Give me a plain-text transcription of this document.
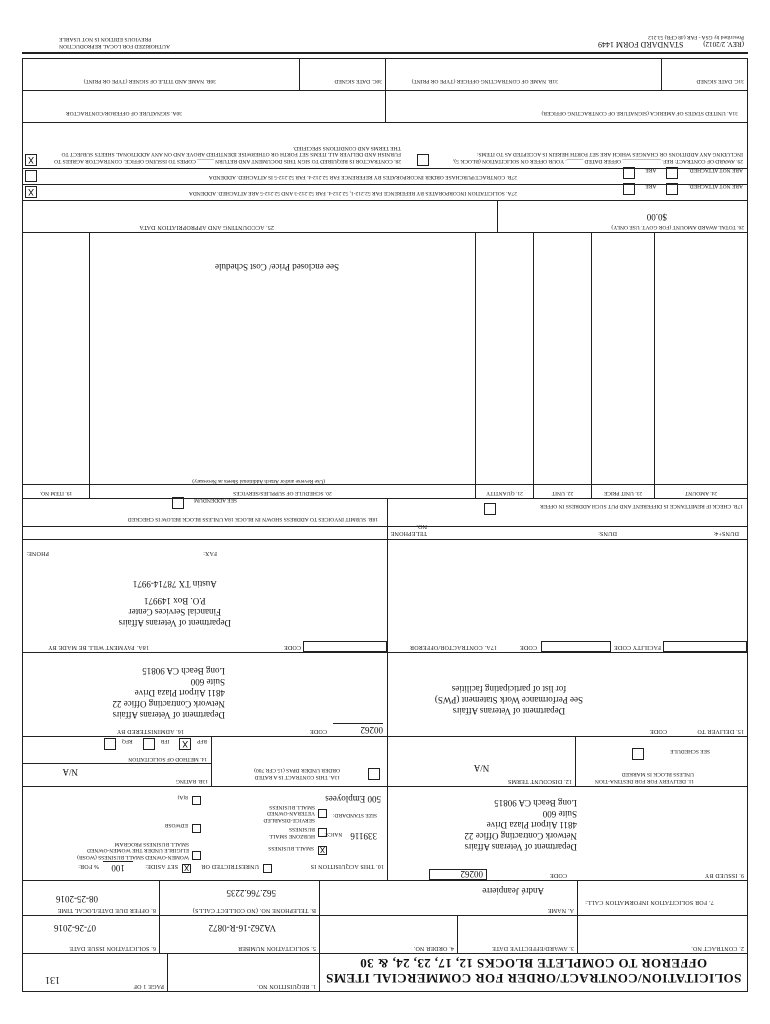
SOLICITATION/CONTRACT/ORDER FOR COMMERCIAL ITEMS
OFFEROR TO COMPLETE BLOCKS 12, 17, 23, 24, & 30
1. REQUISITION NO.
PAGE 1 OF
131
2. CONTRACT NO.
3. AWARD/EFFECTIVE DATE
4. ORDER NO.
5. SOLICITATION NUMBER
VA262-16-R-0872
6. SOLICITATION ISSUE DATE
07-26-2016
7. FOR SOLICITATION INFORMATION CALL:
A. NAME
André Jeanpierre
B. TELEPHONE NO. (NO COLLECT CALLS)
562.766.2235
8. OFFER DUE DATE/LOCAL TIME
08-25-2016
9. ISSUED BY
CODE
00262
Department of Veterans Affairs
Network Contracting Office 22
4811 Airport Plaza Drive
Suite 600
Long Beach CA 90815
10. THIS ACQUISITION IS  UNRESTRICTED OR X SET ASIDE: 100 % FOR:
X SMALL BUSINESS
HUBZONE SMALL BUSINESS
SERVICE-DISABLED VETERAN-OWNED SMALL BUSINESS
WOMEN-OWNED SMALL BUSINESS (WOSB) ELIGIBLE UNDER THE WOMEN-OWNED SMALL BUSINESS PROGRAM
EDWOSB
8(A)
339116 NAICS:
SIZE STANDARD:
500 Employees
11. DELIVERY FOR FOB DESTINA-TION UNLESS BLOCK IS MARKED
SEE SCHEDULE
12. DISCOUNT TERMS
N/A
13A. THIS CONTRACT IS A RATED ORDER UNDER DPAS (15 CFR 700)
13B. RATING
N/A
14. METHOD OF SOLICITATION
RFP X IFB  RFQ
15. DELIVER TO
CODE
Department of Veterans Affairs
See Performance Work Statement (PWS)
for list of participating facilities
16. ADMINISTERED BY	CODE	00262
Department of Veterans Affairs
Network Contracting Office 22
4811 Airport Plaza Drive
Suite 600
Long Beach CA 90815
17A. CONTRACTOR/OFFEROR	CODE	FACILITY CODE
TELEPHONE NO.
DUNS:	DUNS+4:
18A. PAYMENT WILL BE MADE BY	CODE
Department of Veterans Affairs
Financial Services Center
P.O. Box 149971
Austin TX 78714-9971
PHONE:	FAX:
17B. CHECK IF REMITTANCE IS DIFFERENT AND PUT SUCH ADDRESS IN OFFER
18B. SUBMIT INVOICES TO ADDRESS SHOWN IN BLOCK 18A UNLESS BLOCK BELOW IS CHECKED
SEE ADDENDUM
24. AMOUNT
23. UNIT PRICE
22. UNIT
21. QUANTITY
20. SCHEDULE OF SUPPLIES/SERVICES
19. ITEM NO.
See enclosed Price/ Cost Schedule
(Use Reverse and/or Attach Additional Sheets as Necessary)
26. TOTAL AWARD AMOUNT (FOR GOVT. USE ONLY)
$0.00
25. ACCOUNTING AND APPROPRIATION DATA
ARE NOT ATTACHED.  ARE
27A. SOLICITATION INCORPORATES BY REFERENCE FAR 52.212-1, 52.212-4. FAR 52.212-3 AND 52.212-5 ARE ATTACHED. ADDENDA
X
ARE NOT ATTACHED.  ARE
27B. CONTRACT/PURCHASE ORDER INCORPORATES BY REFERENCE FAR 52.212-4. FAR 52.212-5 IS ATTACHED. ADDENDA
29. AWARD OF CONTRACT: REF. ______________ OFFER DATED ______. YOUR OFFER ON SOLICITATION (BLOCK 5), INCLUDING ANY ADDITIONS OR CHANGES WHICH ARE SET FORTH HEREIN IS ACCEPTED AS TO ITEMS:
28. CONTRACTOR IS REQUIRED TO SIGN THIS DOCUMENT AND RETURN ______ COPIES TO ISSUING OFFICE. CONTRACTOR AGREES TO FURNISH AND DELIVER ALL ITEMS SET FORTH OR OTHERWISE IDENTIFIED ABOVE AND ON ANY ADDITIONAL SHEETS SUBJECT TO THE TERMS AND CONDITIONS SPECIFIED.
X
31A. UNITED STATES OF AMERICA (SIGNATURE OF CONTRACTING OFFICER)
30A. SIGNATURE OF OFFEROR/CONTRACTOR
31C. DATE SIGNED
31B. NAME OF CONTRACTING OFFICER (TYPE OR PRINT)
30C. DATE SIGNED
30B. NAME AND TITLE OF SIGNER (TYPE OR PRINT)
(REV. 2/2012) STANDARD FORM 1449
Prescribed by GSA - FAR (48 CFR) 53.212
AUTHORIZED FOR LOCAL REPRODUCTION
PREVIOUS EDITION IS NOT USABLE
